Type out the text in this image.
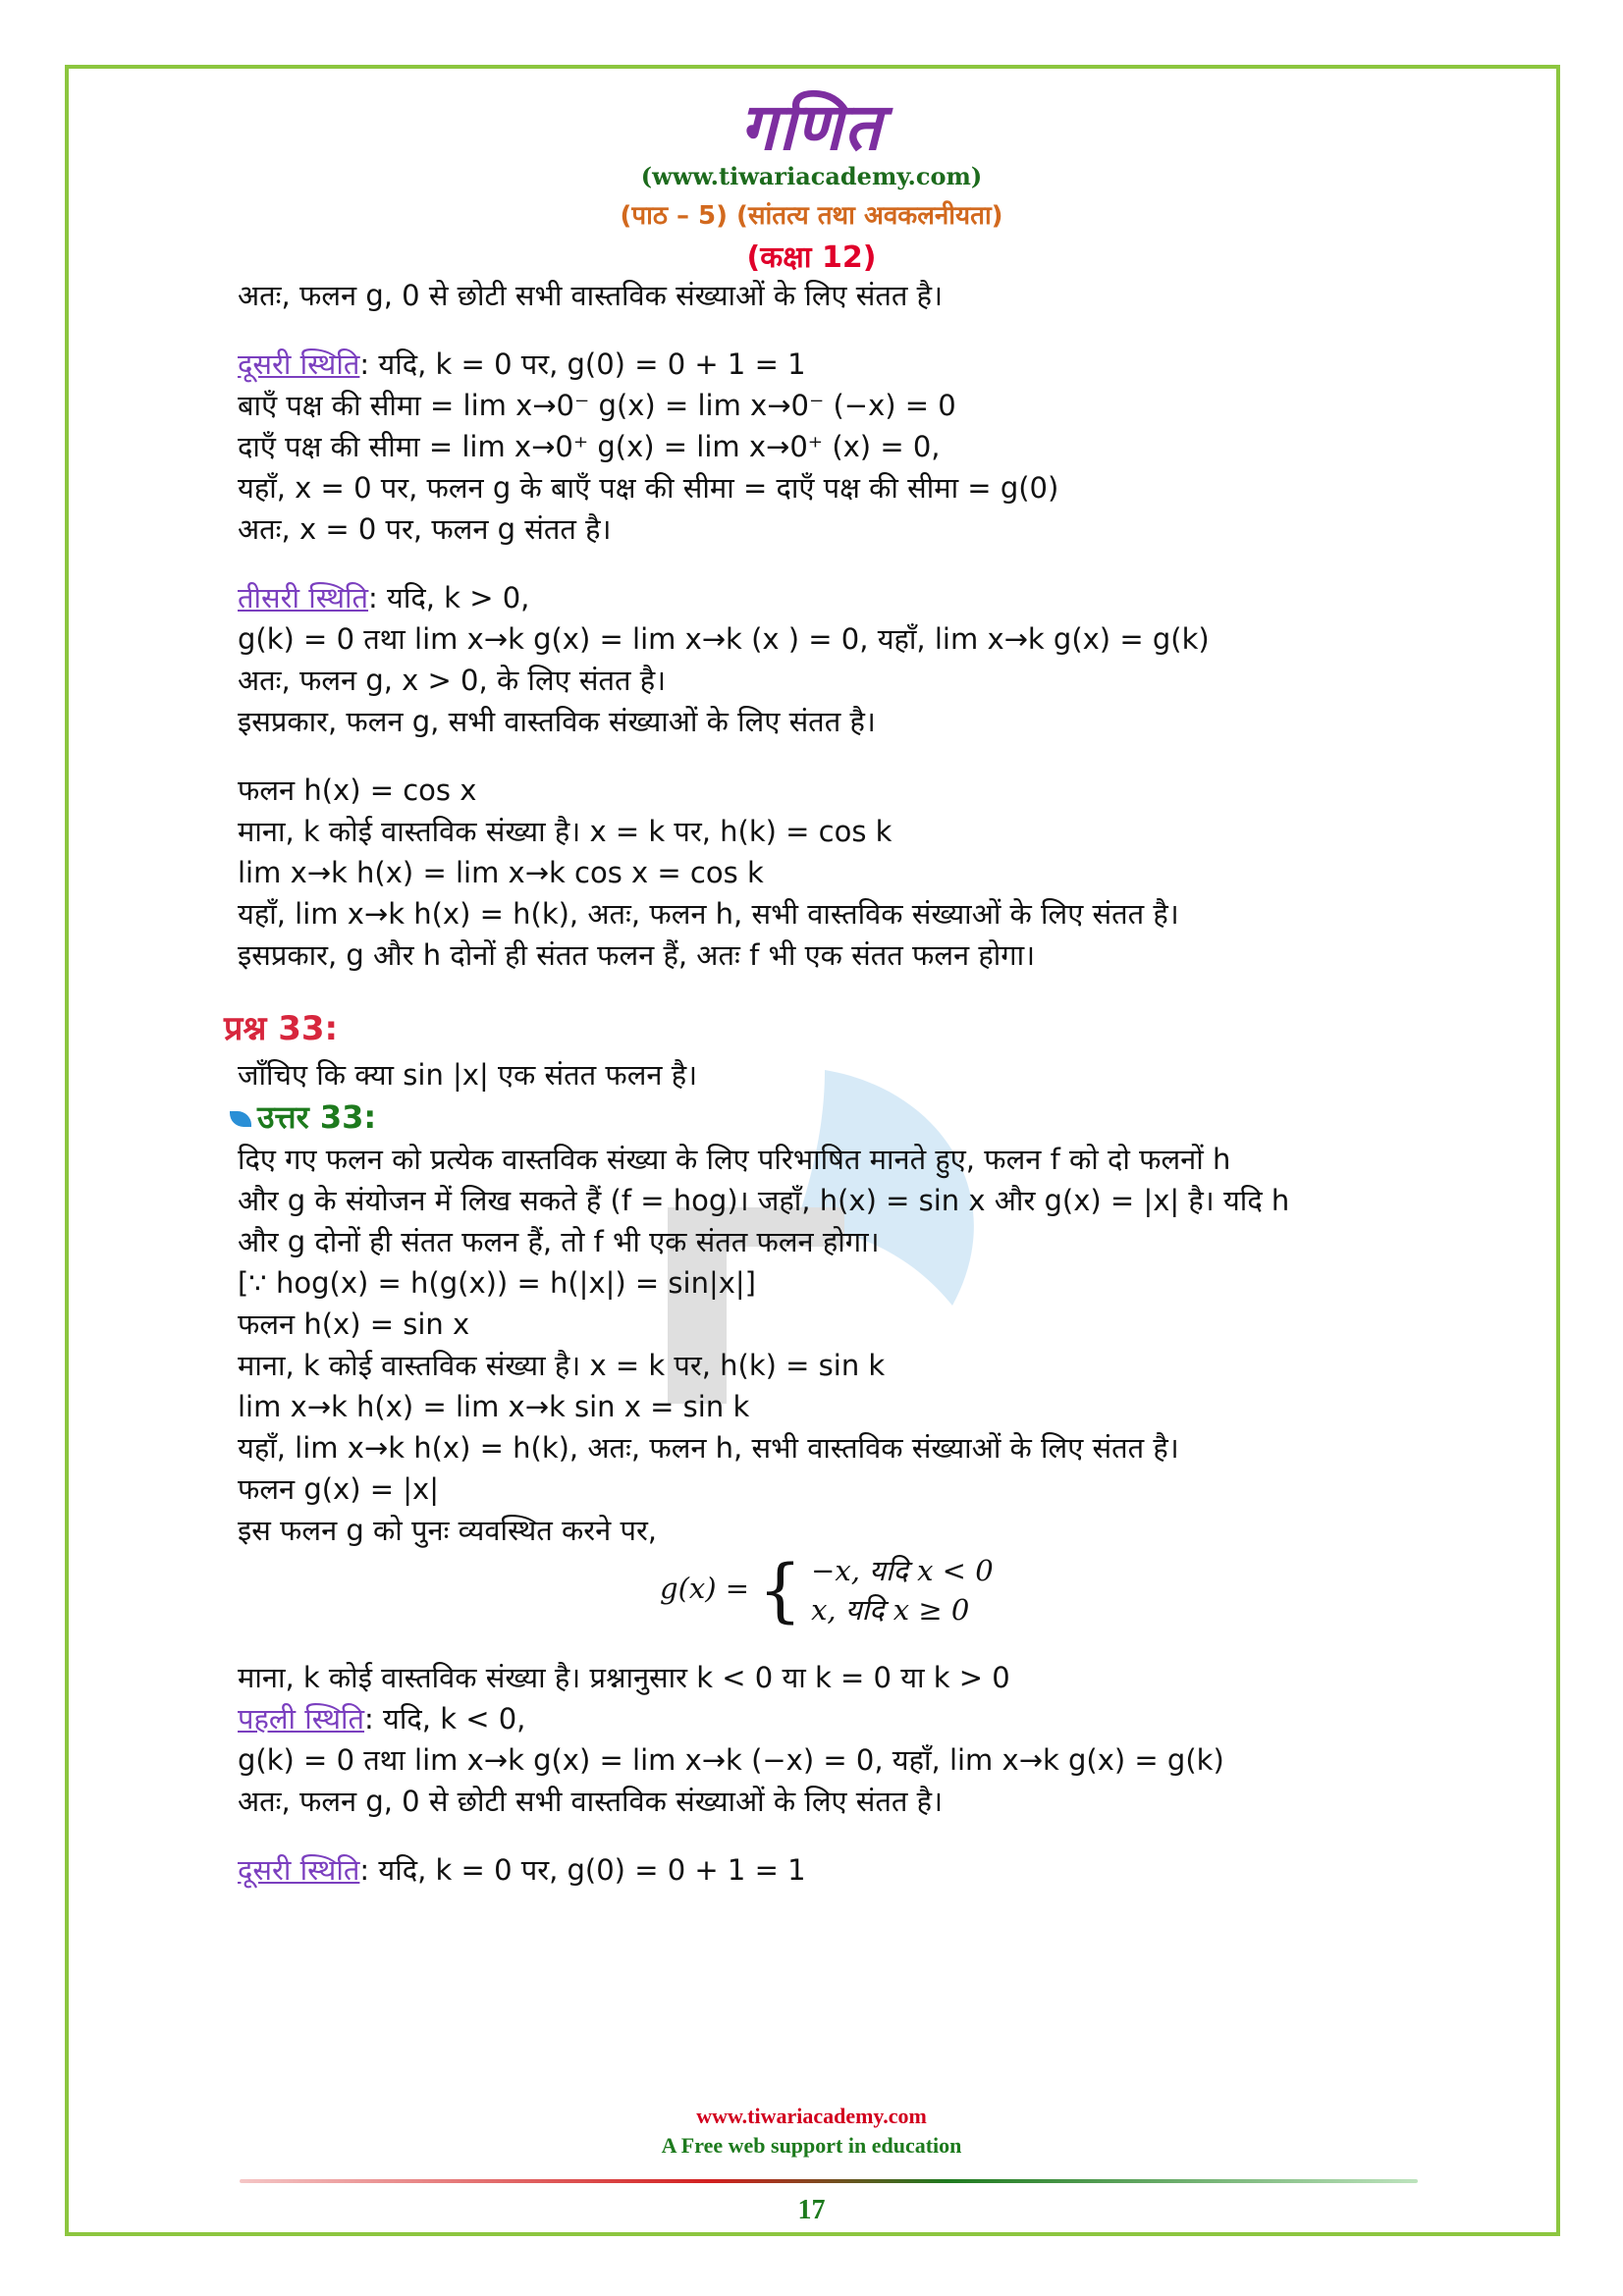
गणित
(www.tiwariacademy.com)
(पाठ – 5) (सांतत्य तथा अवकलनीयता)
(कक्षा 12)
अतः, फलन g, 0 से छोटी सभी वास्तविक संख्याओं के लिए संतत है।
दूसरी स्थिति: यदि, k = 0 पर, g(0) = 0 + 1 = 1
बाएँ पक्ष की सीमा = lim x→0⁻ g(x) = lim x→0⁻ (−x) = 0
दाएँ पक्ष की सीमा = lim x→0⁺ g(x) = lim x→0⁺ (x) = 0,
यहाँ, x = 0 पर, फलन g के बाएँ पक्ष की सीमा = दाएँ पक्ष की सीमा = g(0)
अतः, x = 0 पर, फलन g संतत है।
तीसरी स्थिति: यदि, k > 0,
g(k) = 0 तथा lim x→k g(x) = lim x→k (x ) = 0, यहाँ, lim x→k g(x) = g(k)
अतः, फलन g, x > 0, के लिए संतत है।
इसप्रकार, फलन g, सभी वास्तविक संख्याओं के लिए संतत है।
फलन h(x) = cos x
माना, k कोई वास्तविक संख्या है। x = k पर, h(k) = cos k
lim x→k h(x) = lim x→k cos x = cos k
यहाँ, lim x→k h(x) = h(k), अतः, फलन h, सभी वास्तविक संख्याओं के लिए संतत है।
इसप्रकार, g और h दोनों ही संतत फलन हैं, अतः f भी एक संतत फलन होगा।
प्रश्न 33:
जाँचिए कि क्या sin |x| एक संतत फलन है।
उत्तर 33:
दिए गए फलन को प्रत्येक वास्तविक संख्या के लिए परिभाषित मानते हुए, फलन f को दो फलनों h
और g के संयोजन में लिख सकते हैं (f = hog)। जहाँ, h(x) = sin x और g(x) = |x| है। यदि h
और g दोनों ही संतत फलन हैं, तो f भी एक संतत फलन होगा।
[∵ hog(x) = h(g(x)) = h(|x|) = sin|x|]
फलन h(x) = sin x
माना, k कोई वास्तविक संख्या है। x = k पर, h(k) = sin k
lim x→k h(x) = lim x→k sin x = sin k
यहाँ, lim x→k h(x) = h(k), अतः, फलन h, सभी वास्तविक संख्याओं के लिए संतत है।
फलन g(x) = |x|
इस फलन g को पुनः व्यवस्थित करने पर,
g(x) = { −x, यदि x < 0
x, यदि x ≥ 0
माना, k कोई वास्तविक संख्या है। प्रश्नानुसार k < 0 या k = 0 या k > 0
पहली स्थिति: यदि, k < 0,
g(k) = 0 तथा lim x→k g(x) = lim x→k (−x) = 0, यहाँ, lim x→k g(x) = g(k)
अतः, फलन g, 0 से छोटी सभी वास्तविक संख्याओं के लिए संतत है।
दूसरी स्थिति: यदि, k = 0 पर, g(0) = 0 + 1 = 1
www.tiwariacademy.com
A Free web support in education
17
